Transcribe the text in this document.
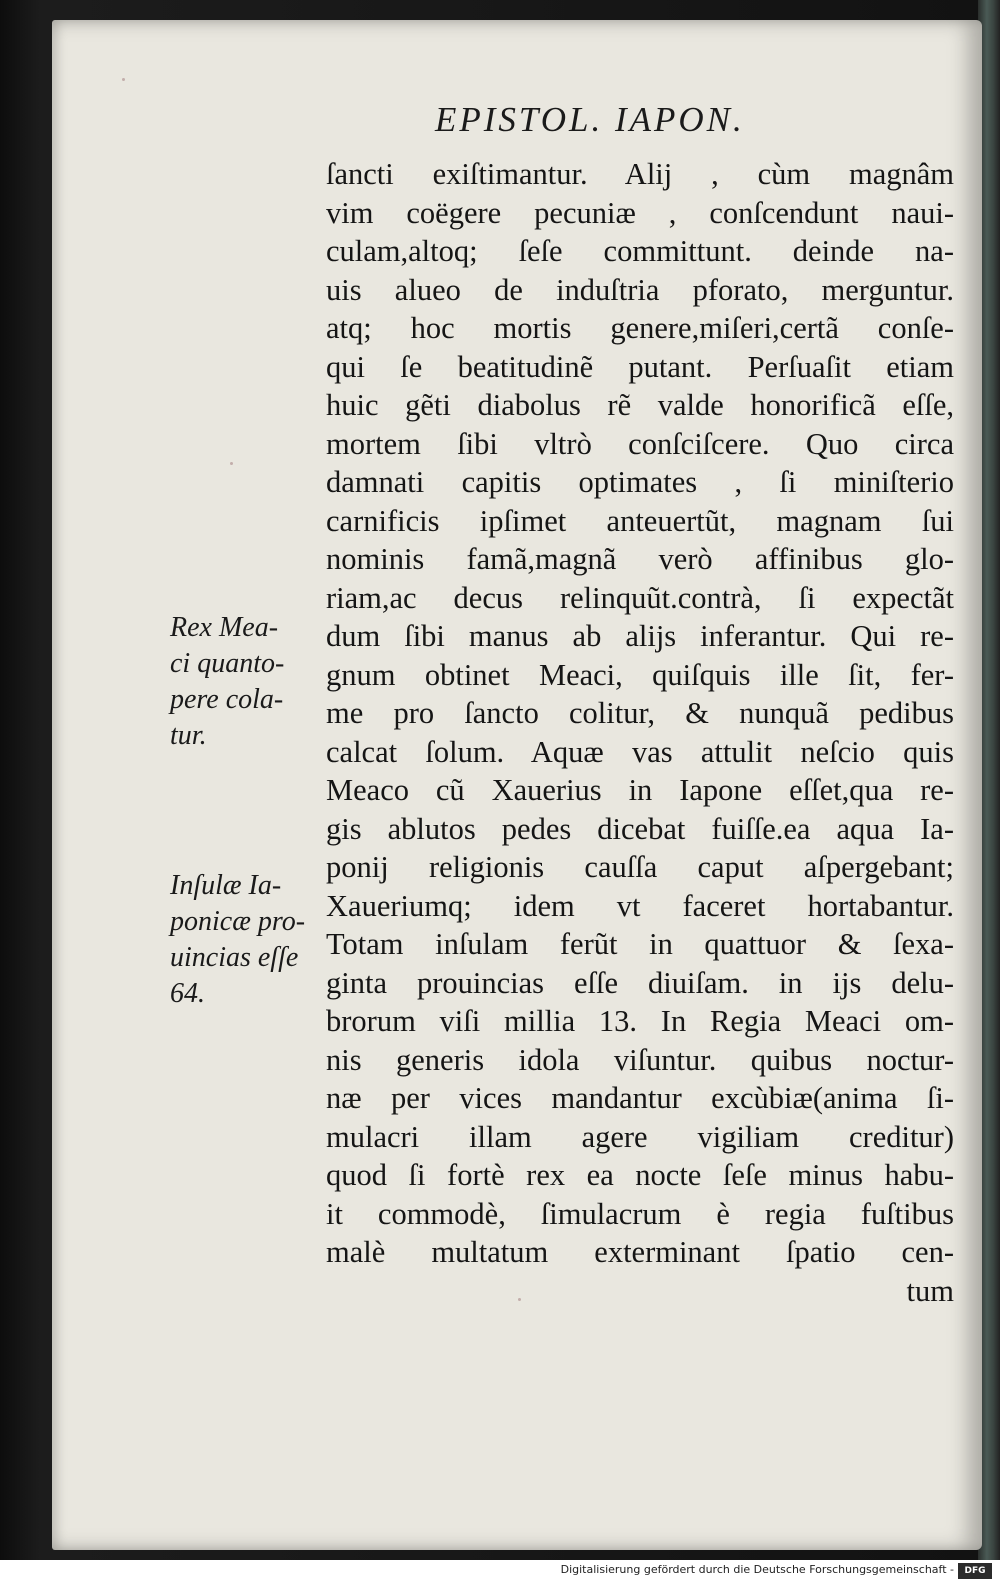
EPISTOL. IAPON.
ſancti exiſtimantur. Alij , cùm magnâm
vim coëgere pecuniæ , conſcendunt naui-
culam,altoq; ſeſe committunt. deinde na-
uis alueo de induſtria pforato, merguntur.
atq; hoc mortis genere,miſeri,certã conſe-
qui ſe beatitudinẽ putant. Perſuaſit etiam
huic gẽti diabolus rẽ valde honorificã eſſe,
mortem ſibi vltrò conſciſcere. Quo circa
damnati capitis optimates , ſi miniſterio
carnificis ipſimet anteuertũt, magnam ſui
nominis famã,magnã verò affinibus glo-
riam,ac decus relinquũt.contrà, ſi expectãt
dum ſibi manus ab alijs inferantur. Qui re-
gnum obtinet Meaci, quiſquis ille ſit, fer-
me pro ſancto colitur, & nunquã pedibus
calcat ſolum. Aquæ vas attulit neſcio quis
Meaco cũ Xauerius in Iapone eſſet,qua re-
gis ablutos pedes dicebat fuiſſe.ea aqua Ia-
ponij religionis cauſſa caput aſpergebant;
Xaueriumq; idem vt faceret hortabantur.
Totam inſulam ferũt in quattuor & ſexa-
ginta prouincias eſſe diuiſam. in ijs delu-
brorum viſi millia 13. In Regia Meaci om-
nis generis idola viſuntur. quibus noctur-
næ per vices mandantur excùbiæ(anima ſi-
mulacri illam agere vigiliam creditur)
quod ſi fortè rex ea nocte ſeſe minus habu-
it commodè, ſimulacrum è regia fuſtibus
malè multatum exterminant ſpatio cen-
tum
Rex Mea-
ci quanto-
pere cola-
tur.
Inſulæ Ia-
ponicæ pro-
uincias eſſe
64.
Digitalisierung gefördert durch die Deutsche Forschungsgemeinschaft -	DFG
